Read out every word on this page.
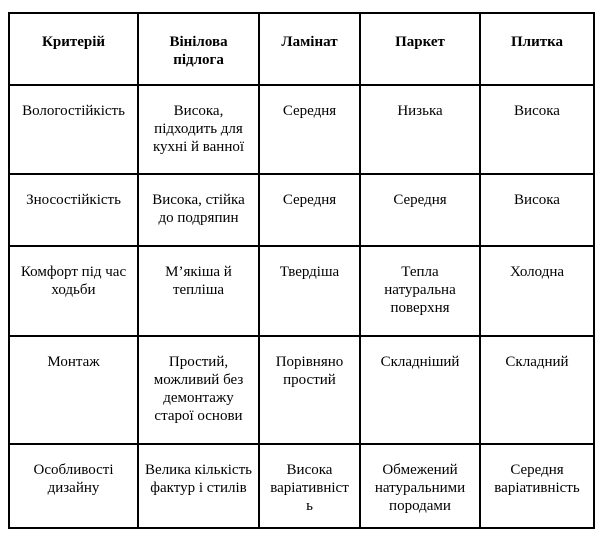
Критерій	Вінілова підлога	Ламінат	Паркет	Плитка
Вологостійкість	Висока, підходить для кухні й ванної	Середня	Низька	Висока
Зносостійкість	Висока, стійка до подряпин	Середня	Середня	Висока
Комфорт під час ходьби	М’якіша й тепліша	Твердіша	Тепла натуральна поверхня	Холодна
Монтаж	Простий, можливий без демонтажу старої основи	Порівняно простий	Складніший	Складний
Особливості дизайну	Велика кількість фактур і стилів	Висока варіативніст ь	Обмежений натуральними породами	Середня варіативність
